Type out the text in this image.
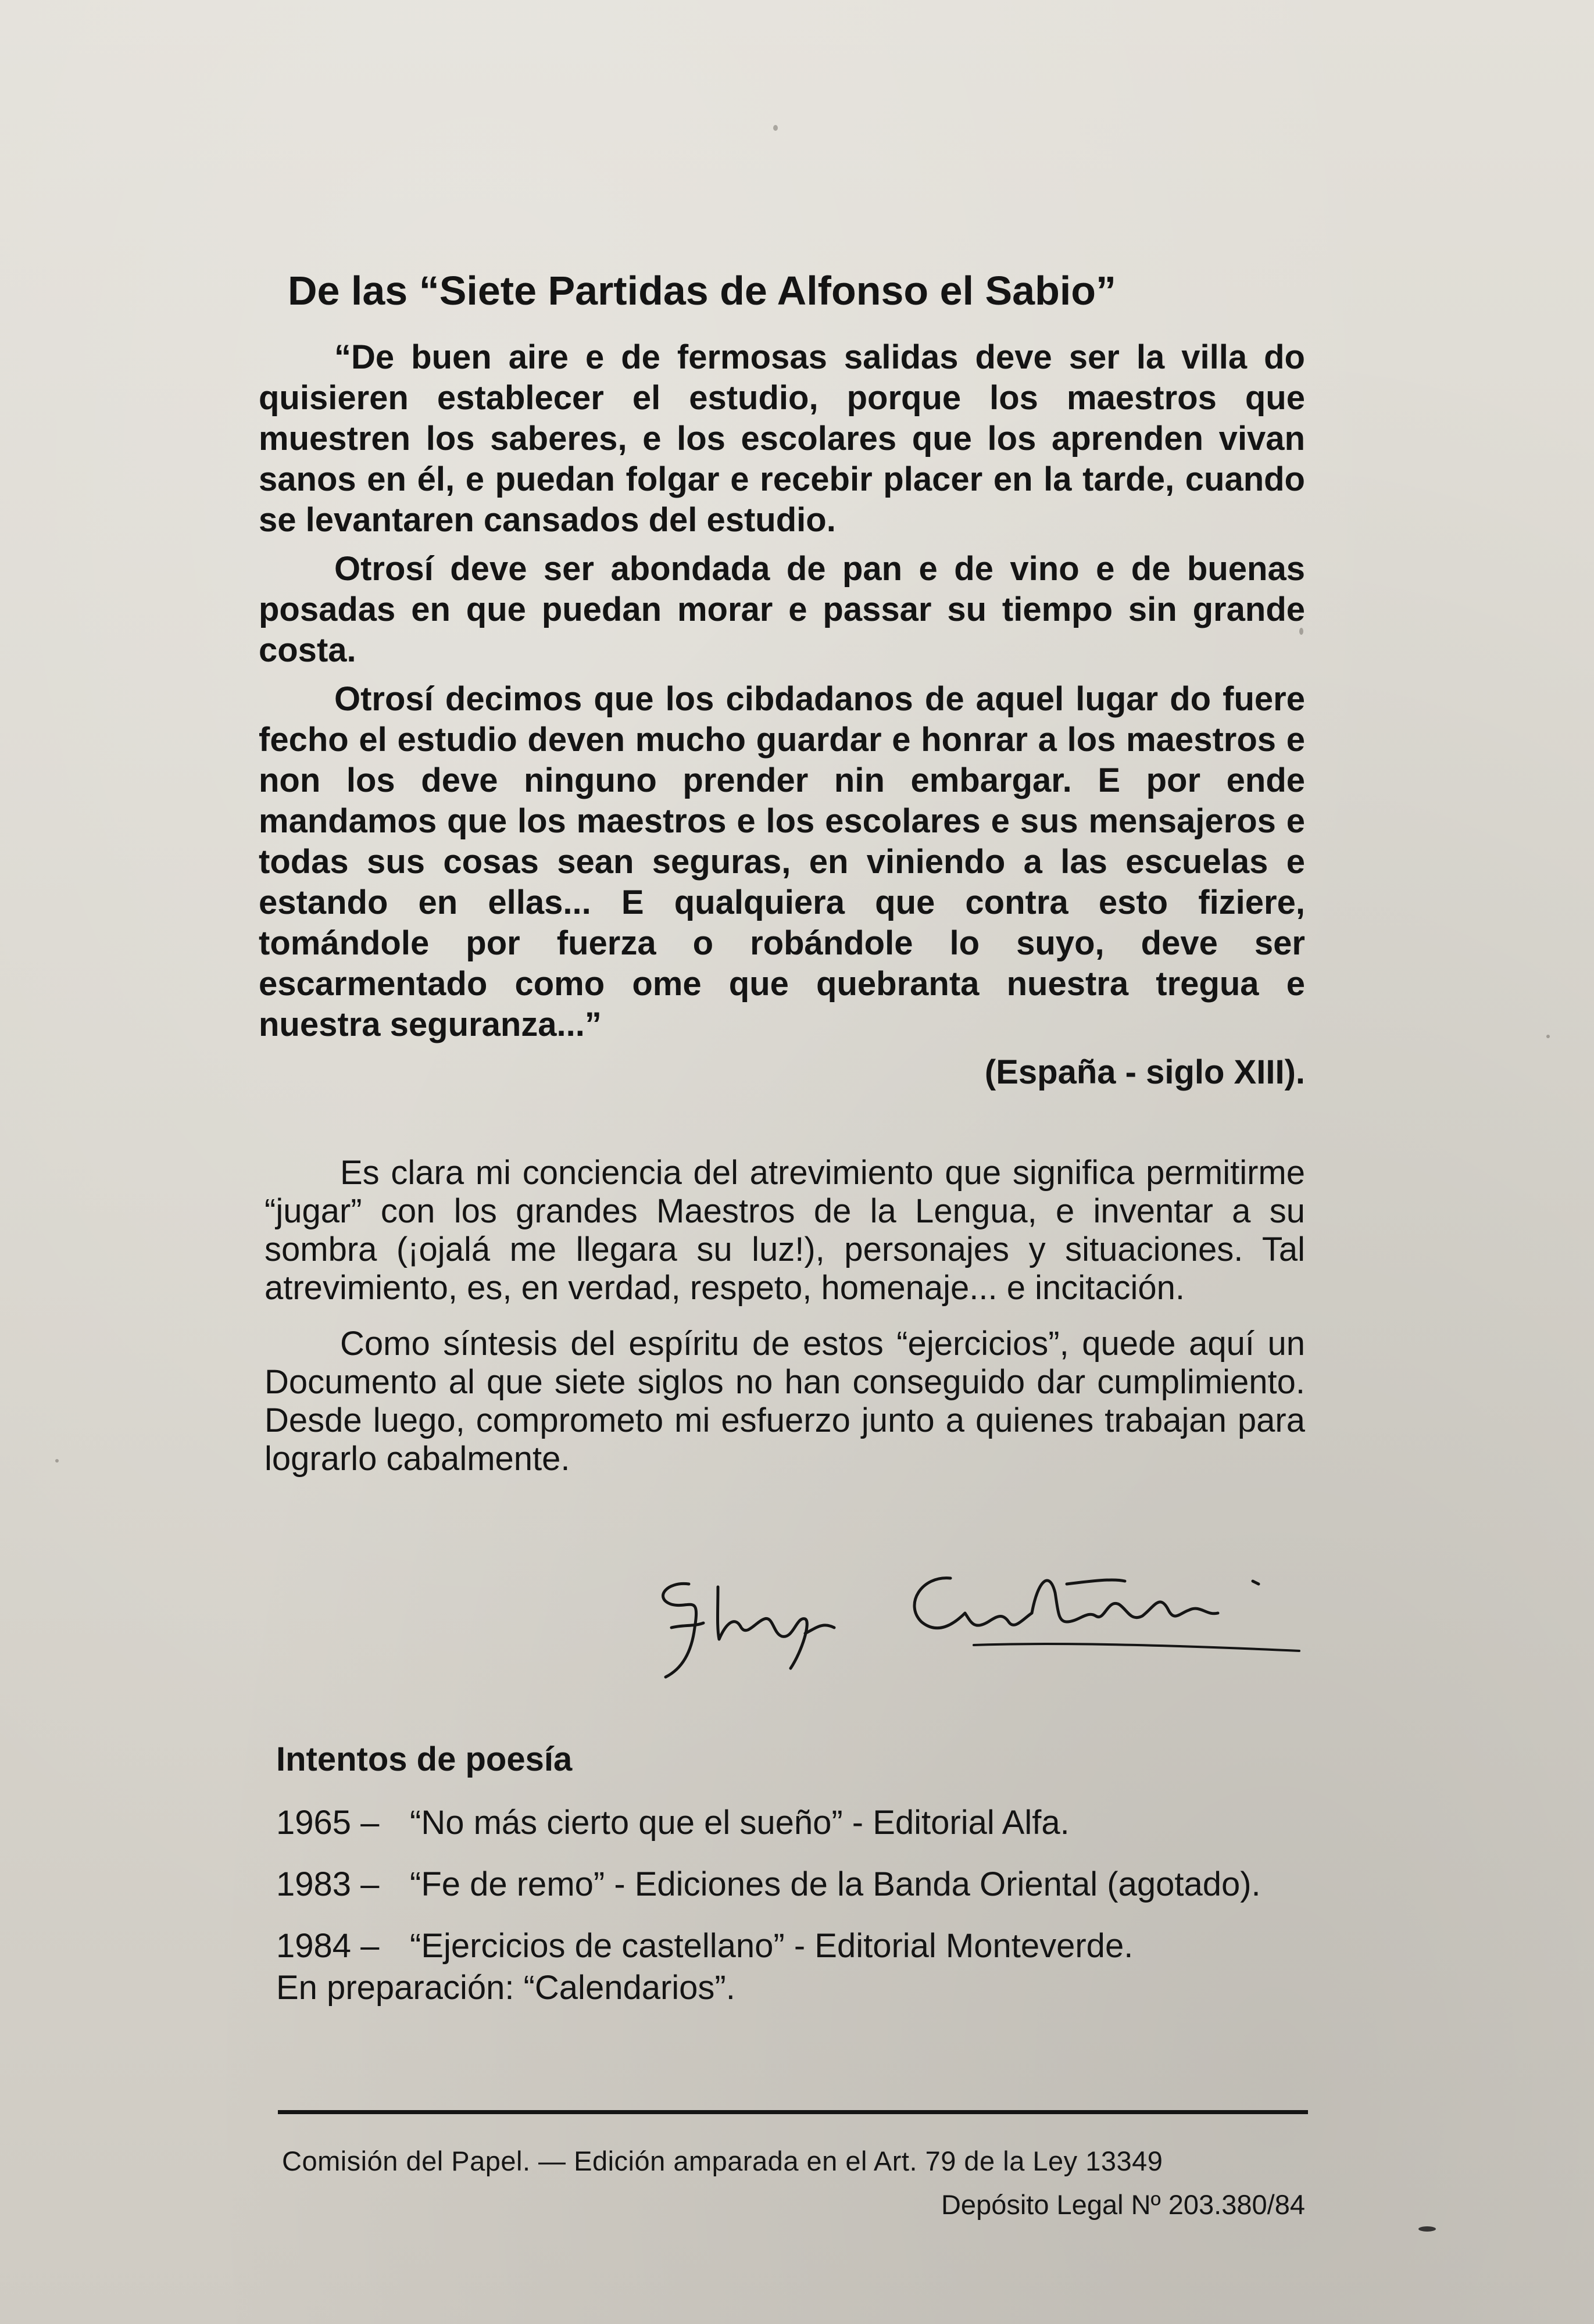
De las “Siete Partidas de Alfonso el Sabio”

“De buen aire e de fermosas salidas deve ser la villa do quisieren establecer el estudio, porque los maestros que muestren los saberes, e los escolares que los aprenden vivan sanos en él, e puedan folgar e recebir placer en la tarde, cuando se levantaren cansados del estudio.

Otrosí deve ser abondada de pan e de vino e de buenas posadas en que puedan morar e passar su tiempo sin grande costa.

Otrosí decimos que los cibdadanos de aquel lugar do fuere fecho el estudio deven mucho guardar e honrar a los maestros e non los deve ninguno prender nin embargar. E por ende mandamos que los maestros e los escolares e sus mensajeros e todas sus cosas sean seguras, en viniendo a las escuelas e estando en ellas... E qualquiera que contra esto fiziere, tomándole por fuerza o robándole lo suyo, deve ser escarmentado como ome que quebranta nuestra tregua e nuestra seguranza...”

(España - siglo XIII).

Es clara mi conciencia del atrevimiento que significa permitirme “jugar” con los grandes Maestros de la Lengua, e inventar a su sombra (¡ojalá me llegara su luz!), personajes y situaciones. Tal atrevimiento, es, en verdad, respeto, homenaje... e incitación.

Como síntesis del espíritu de estos “ejercicios”, quede aquí un Documento al que siete siglos no han conseguido dar cumplimiento. Desde luego, comprometo mi esfuerzo junto a quienes trabajan para lograrlo cabalmente.

Intentos de poesía
1965 – “No más cierto que el sueño” - Editorial Alfa.
1983 – “Fe de remo” - Ediciones de la Banda Oriental (agotado).
1984 – “Ejercicios de castellano” - Editorial Monteverde.
En preparación: “Calendarios”.
Comisión del Papel. — Edición amparada en el Art. 79 de la Ley 13349
Depósito Legal Nº 203.380/84
